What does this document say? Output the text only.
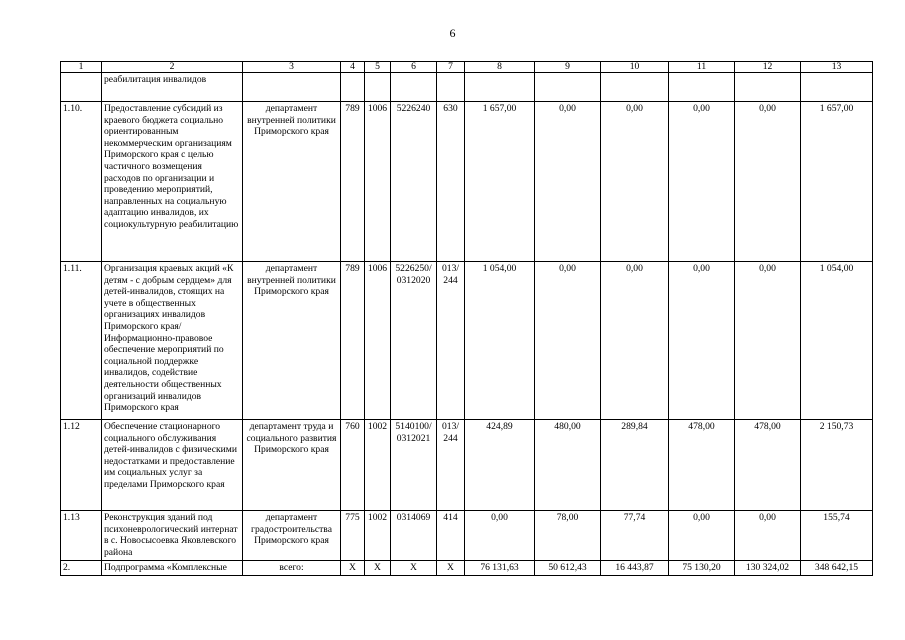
6
1	2	3	4	5	6	7	8	9	10	11	12	13
	реабилитация инвалидов											
1.10.	Предоставление субсидий из краевого бюджета социально ориентированным некоммерческим организациям Приморского края с целью частичного возмещения расходов по организации и проведению мероприятий, направленных на социальную адаптацию инвалидов, их социокультурную реабилитацию	департамент внутренней политики Приморского края	789	1006	5226240	630	1 657,00	0,00	0,00	0,00	0,00	1 657,00
1.11.	Организация краевых акций «К детям - с добрым сердцем» для детей-инвалидов, стоящих на учете в общественных организациях инвалидов Приморского края/ Информационно-правовое обеспечение мероприятий по социальной поддержке инвалидов, содействие деятельности общественных организаций инвалидов Приморского края	департамент внутренней политики Приморского края	789	1006	5226250/ 0312020	013/ 244	1 054,00	0,00	0,00	0,00	0,00	1 054,00
1.12	Обеспечение стационарного социального обслуживания детей-инвалидов с физическими недостатками и предоставление им социальных услуг за пределами Приморского края	департамент труда и социального развития Приморского края	760	1002	5140100/ 0312021	013/ 244	424,89	480,00	289,84	478,00	478,00	2 150,73
1.13	Реконструкция зданий под психоневрологический интернат в с. Новосысоевка Яковлевского района	департамент градостроительства Приморского края	775	1002	0314069	414	0,00	78,00	77,74	0,00	0,00	155,74
2.	Подпрограмма «Комплексные	всего:	X	X	X	X	76 131,63	50 612,43	16 443,87	75 130,20	130 324,02	348 642,15
